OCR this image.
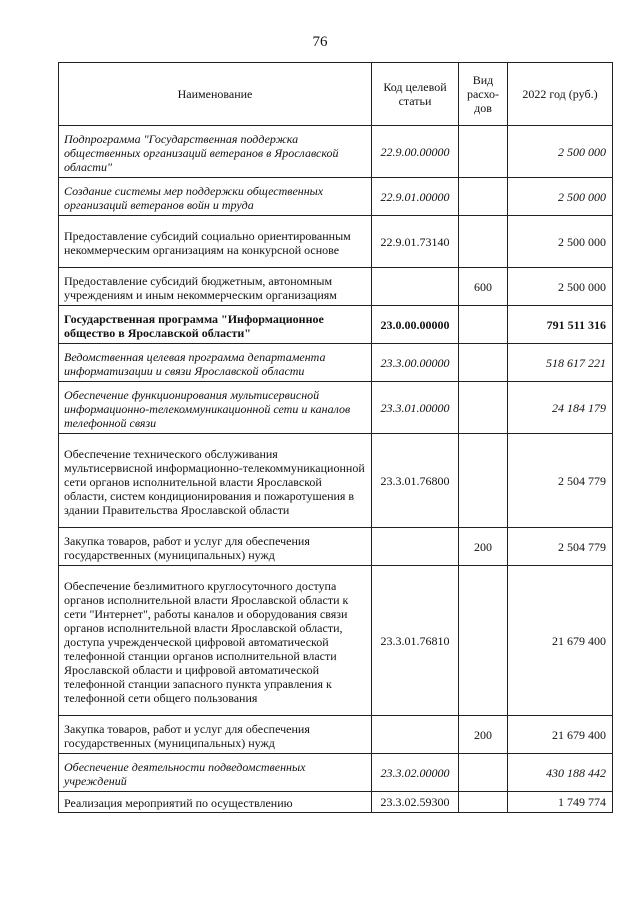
76
Наименование	Код целевой статьи	Вид расхо-дов	2022 год (руб.)
Подпрограмма "Государственная поддержка общественных организаций ветеранов в Ярославской области"	22.9.00.00000		2 500 000
Создание системы мер поддержки общественных организаций ветеранов войн и труда	22.9.01.00000		2 500 000
Предоставление субсидий социально ориентированным некоммерческим организациям на конкурсной основе	22.9.01.73140		2 500 000
Предоставление субсидий бюджетным, автономным учреждениям и иным некоммерческим организациям		600	2 500 000
Государственная программа "Информационное общество в Ярославской области"	23.0.00.00000		791 511 316
Ведомственная целевая программа департамента информатизации и связи Ярославской области	23.3.00.00000		518 617 221
Обеспечение функционирования мультисервисной информационно-телекоммуникационной сети и каналов телефонной связи	23.3.01.00000		24 184 179
Обеспечение технического обслуживания мультисервисной информационно-телекоммуникационной сети органов исполнительной власти Ярославской области, систем кондиционирования и пожаротушения в здании Правительства Ярославской области	23.3.01.76800		2 504 779
Закупка товаров, работ и услуг для обеспечения государственных (муниципальных) нужд		200	2 504 779
Обеспечение безлимитного круглосуточного доступа органов исполнительной власти Ярославской области к сети "Интернет", работы каналов и оборудования связи органов исполнительной власти Ярославской области, доступа учрежденческой цифровой автоматической телефонной станции органов исполнительной власти Ярославской области и цифровой автоматической телефонной станции запасного пункта управления к телефонной сети общего пользования	23.3.01.76810		21 679 400
Закупка товаров, работ и услуг для обеспечения государственных (муниципальных) нужд		200	21 679 400
Обеспечение деятельности подведомственных учреждений	23.3.02.00000		430 188 442
Реализация мероприятий по осуществлению	23.3.02.59300		1 749 774
